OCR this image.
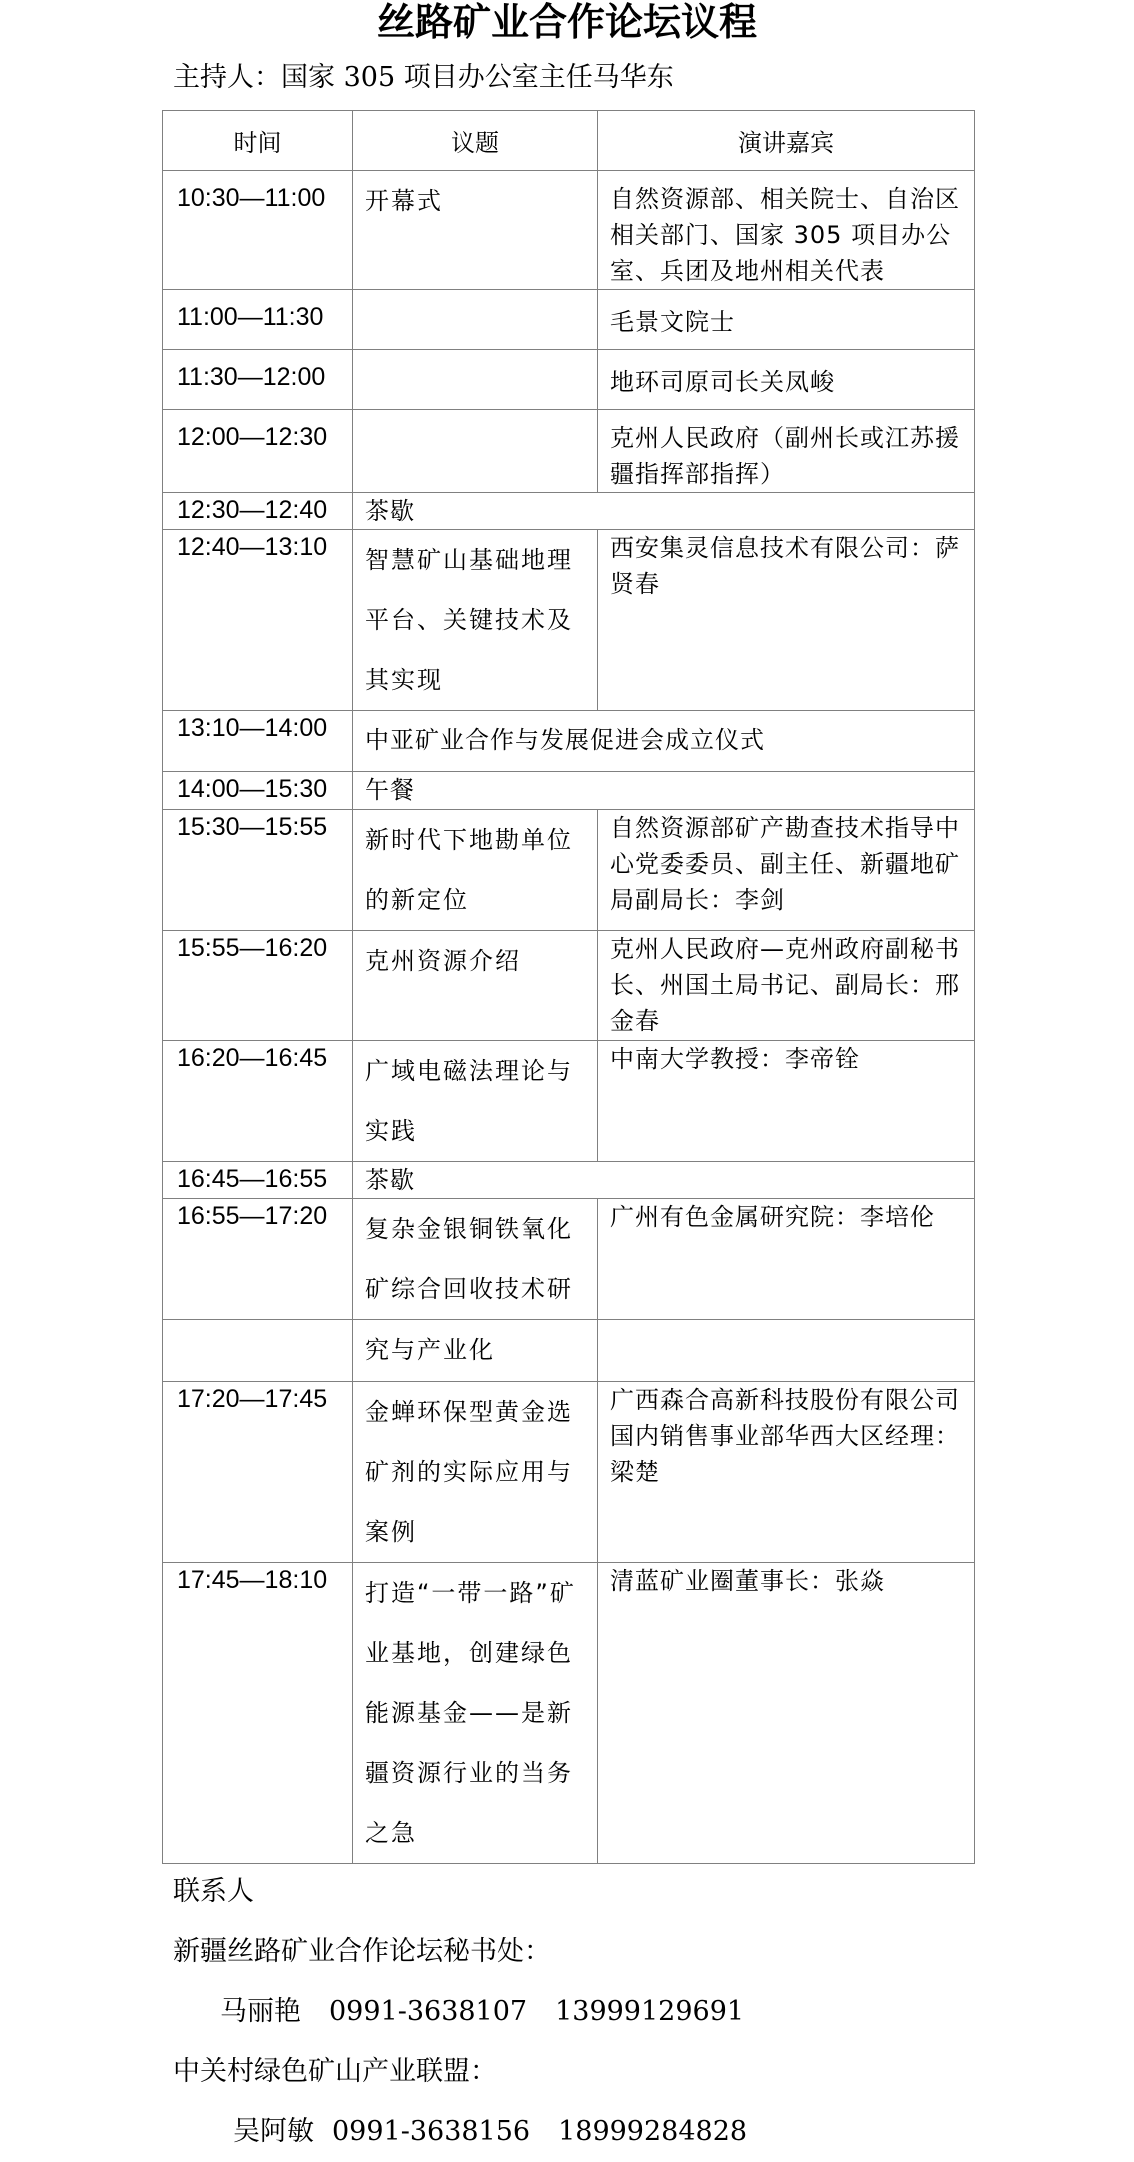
丝路矿业合作论坛议程
主持人：国家 305 项目办公室主任马华东
时间	议题	演讲嘉宾
10:30—11:00	开幕式	自然资源部、相关院士、自治区相关部门、国家 305 项目办公室、兵团及地州相关代表
11:00—11:30		毛景文院士
11:30—12:00		地环司原司长关凤峻
12:00—12:30		克州人民政府（副州长或江苏援疆指挥部指挥）
12:30—12:40	茶歇	
12:40—13:10	智慧矿山基础地理平台、关键技术及其实现	西安集灵信息技术有限公司：萨贤春
13:10—14:00	中亚矿业合作与发展促进会成立仪式	
14:00—15:30	午餐	
15:30—15:55	新时代下地勘单位的新定位	自然资源部矿产勘查技术指导中心党委委员、副主任、新疆地矿局副局长：李剑
15:55—16:20	克州资源介绍	克州人民政府—克州政府副秘书长、州国土局书记、副局长：邢金春
16:20—16:45	广域电磁法理论与实践	中南大学教授：李帝铨
16:45—16:55	茶歇	
16:55—17:20	复杂金银铜铁氧化矿综合回收技术研	广州有色金属研究院：李培伦
	究与产业化	
17:20—17:45	金蝉环保型黄金选矿剂的实际应用与案例	广西森合高新科技股份有限公司国内销售事业部华西大区经理：梁楚
17:45—18:10	打造“一带一路”矿业基地，创建绿色能源基金——是新疆资源行业的当务之急	清蓝矿业圈董事长：张焱
联系人
新疆丝路矿业合作论坛秘书处：
马丽艳 0991-3638107 13999129691
中关村绿色矿山产业联盟：
吴阿敏 0991-3638156 18999284828
